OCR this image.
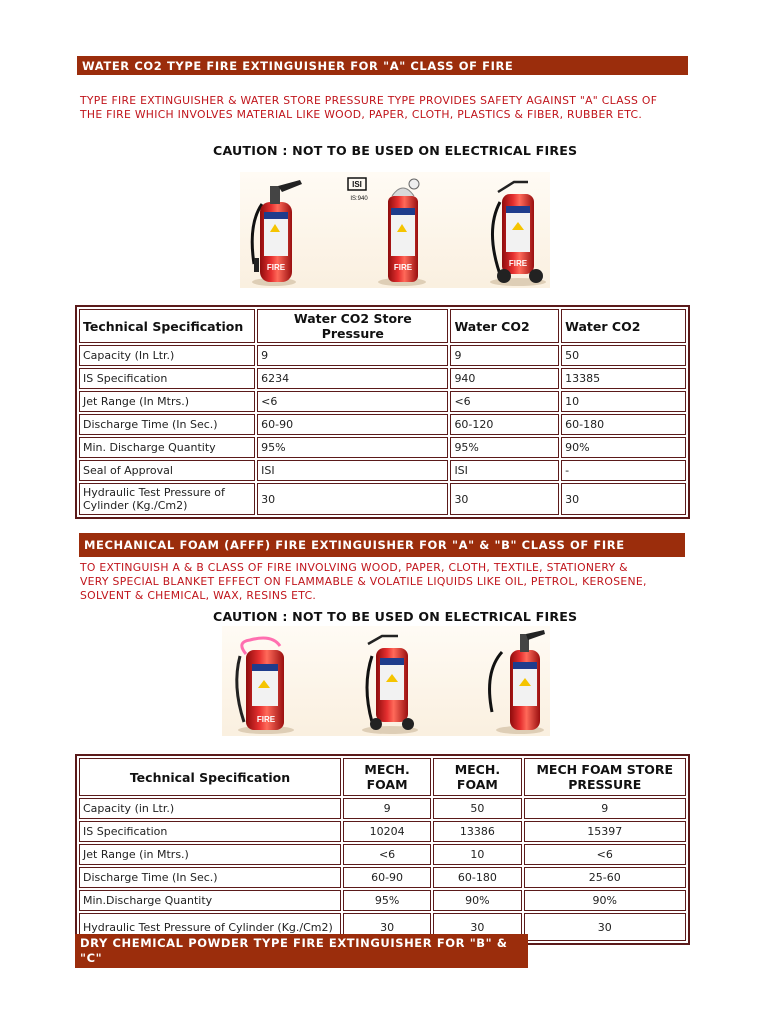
WATER CO2 TYPE FIRE EXTINGUISHER FOR "A" CLASS OF FIRE
TYPE FIRE EXTINGUISHER & WATER STORE PRESSURE TYPE PROVIDES SAFETY AGAINST "A" CLASS OF
THE FIRE WHICH INVOLVES MATERIAL LIKE WOOD, PAPER, CLOTH, PLASTICS & FIBER, RUBBER ETC.
CAUTION : NOT TO BE USED ON ELECTRICAL FIRES
FIRE
ISI
IS:940
FIRE	FIRE
Technical Specification	Water CO2 Store Pressure	Water CO2	Water CO2
Capacity (In Ltr.)	9	9	50
IS Specification	6234	940	13385
Jet Range (In Mtrs.)	<6	<6	10
Discharge Time (In Sec.)	60-90	60-120	60-180
Min. Discharge Quantity	95%	95%	90%
Seal of Approval	ISI	ISI	-
Hydraulic Test Pressure of Cylinder (Kg./Cm2)	30	30	30
MECHANICAL FOAM (AFFF) FIRE EXTINGUISHER FOR "A" & "B" CLASS OF FIRE
TO EXTINGUISH A & B CLASS OF FIRE INVOLVING WOOD, PAPER, CLOTH, TEXTILE, STATIONERY &
VERY SPECIAL BLANKET EFFECT ON FLAMMABLE & VOLATILE LIQUIDS LIKE OIL, PETROL, KEROSENE,
SOLVENT & CHEMICAL, WAX, RESINS ETC.
CAUTION : NOT TO BE USED ON ELECTRICAL FIRES
FIRE
Technical Specification	MECH. FOAM	MECH. FOAM	MECH FOAM STORE PRESSURE
Capacity (in Ltr.)	9	50	9
IS Specification	10204	13386	15397
Jet Range (in Mtrs.)	<6	10	<6
Discharge Time (In Sec.)	60-90	60-180	25-60
Min.Discharge Quantity	95%	90%	90%
Hydraulic Test Pressure of Cylinder (Kg./Cm2)	30	30	30
DRY CHEMICAL POWDER TYPE FIRE EXTINGUISHER FOR "B" & "C"
CLASS OF FIRE
